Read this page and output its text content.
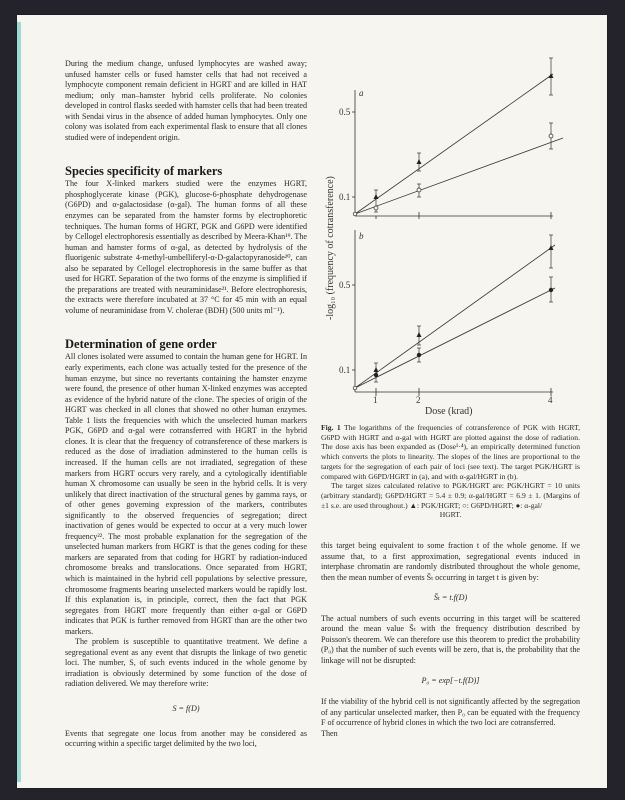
During the medium change, unfused lymphocytes are washed away; unfused hamster cells or fused hamster cells that had not received a lymphocyte component remain deficient in HGRT and are killed in HAT medium; only man–hamster hybrid cells proliferate. No colonies developed in control flasks seeded with hamster cells that had been treated with Sendai virus in the absence of added human lymphocytes. Only one colony was isolated from each experimental flask to ensure that all clones studied were of independent origin.

Species specificity of markers

The four X-linked markers studied were the enzymes HGRT, phosphoglycerate kinase (PGK), glucose-6-phosphate dehydrogenase (G6PD) and α-galactosidase (α-gal). The human forms of all these enzymes can be separated from the hamster forms by electrophoretic techniques. The human forms of HGRT, PGK and G6PD were identified by Cellogel electrophoresis essentially as described by Meera-Khan¹⁹. The human and hamster forms of α-gal, as detected by hydrolysis of the fluorigenic substrate 4-methyl-umbelliferyl-α-D-galactopyranoside²⁰, can also be separated by Cellogel electrophoresis in the same buffer as that used for HGRT. Separation of the two forms of the enzyme is simplified if the preparations are treated with neuraminidase²¹. Before electrophoresis, the extracts were therefore incubated at 37 °C for 45 min with an equal volume of neuraminidase from V. cholerae (BDH) (500 units ml⁻¹).

Determination of gene order

All clones isolated were assumed to contain the human gene for HGRT. In early experiments, each clone was actually tested for the presence of the human enzyme, but since no revertants containing the hamster enzyme were found, the presence of other human X-linked enzymes was accepted as evidence of the hybrid nature of the clone. The species of origin of the HGRT was checked in all clones that showed no other human enzymes. Table 1 lists the frequencies with which the unselected human markers PGK, G6PD and α-gal were cotransferred with HGRT in the hybrid clones. It is clear that the frequency of cotransference of these markers is reduced as the dose of irradiation adminstered to the human cells is increased. If the human cells are not irradiated, segregation of these markers from HGRT occurs very rarely, and a cytologically identifiable human X chromosome can usually be seen in the hybrid cells. It is very unlikely that direct inactivation of the structural genes by gamma rays, or of other genes governing expression of the markers, contributes significantly to the observed frequencies of segregation; direct inactivation of genes would be expected to occur at a very much lower frequency²². The most probable explanation for the segregation of the unselected human markers from HGRT is that the genes coding for these markers are separated from that coding for HGRT by radiation-induced chromosome breaks and translocations. Once separated from HGRT, which is maintained in the hybrid cell populations by selective pressure, chromosome fragments bearing unselected markers would be rapidly lost. If this explanation is, in principle, correct, then the fact that PGK segregates from HGRT more frequently than either α-gal or G6PD indicates that PGK is further removed from HGRT than are the other two markers.

The problem is susceptible to quantitative treatment. We define a segregational event as any event that disrupts the linkage of two genetic loci. The number, S, of such events induced in the whole genome by irradiation is obviously determined by some function of the dose of radiation delivered. We may therefore write:

S = f(D)

Events that segregate one locus from another may be considered as occurring within a specific target delimited by the two loci,

a
b
0.5
0.1
0.5
0.1
1	2	4
Dose (krad)
-log₁₀ (frequency of cotransference)

Fig. 1 The logarithms of the frequencies of cotransference of PGK with HGRT, G6PD with HGRT and α-gal with HGRT are plotted against the dose of radiation. The dose axis has been expanded as (Dose¹·⁴), an empirically determined function which converts the plots to linearity. The slopes of the lines are proportional to the targets for the segregation of each pair of loci (see text). The target PGK/HGRT is compared with G6PD/HGRT in (a), and with α-gal/HGRT in (b).

The target sizes calculated relative to PGK/HGRT are: PGK/HGRT = 10 units (arbitrary standard); G6PD/HGRT = 5.4 ± 0.9; α-gal/HGRT = 6.9 ± 1. (Margins of ±1 s.e. are used throughout.) ▲: PGK/HGRT; ○: G6PD/HGRT; ●: α-gal/

HGRT.

this target being equivalent to some fraction t of the whole genome. If we assume that, to a first approximation, segregational events induced in interphase chromatin are randomly distributed throughout the whole genome, then the mean number of events S̄ₜ occurring in target t is given by:

S̄ₜ = t.f(D)

The actual numbers of such events occurring in this target will be scattered around the mean value S̄ₜ with the frequency distribution described by Poisson's theorem. We can therefore use this theorem to predict the probability (P₀) that the number of such events will be zero, that is, the probability that the linkage will not be disrupted:

P₀ = exp[−t.f(D)]

If the viability of the hybrid cell is not significantly affected by the segregation of any particular unselected marker, then P₀ can be equated with the frequency F of occurrence of hybrid clones in which the two loci are cotransferred.

Then
